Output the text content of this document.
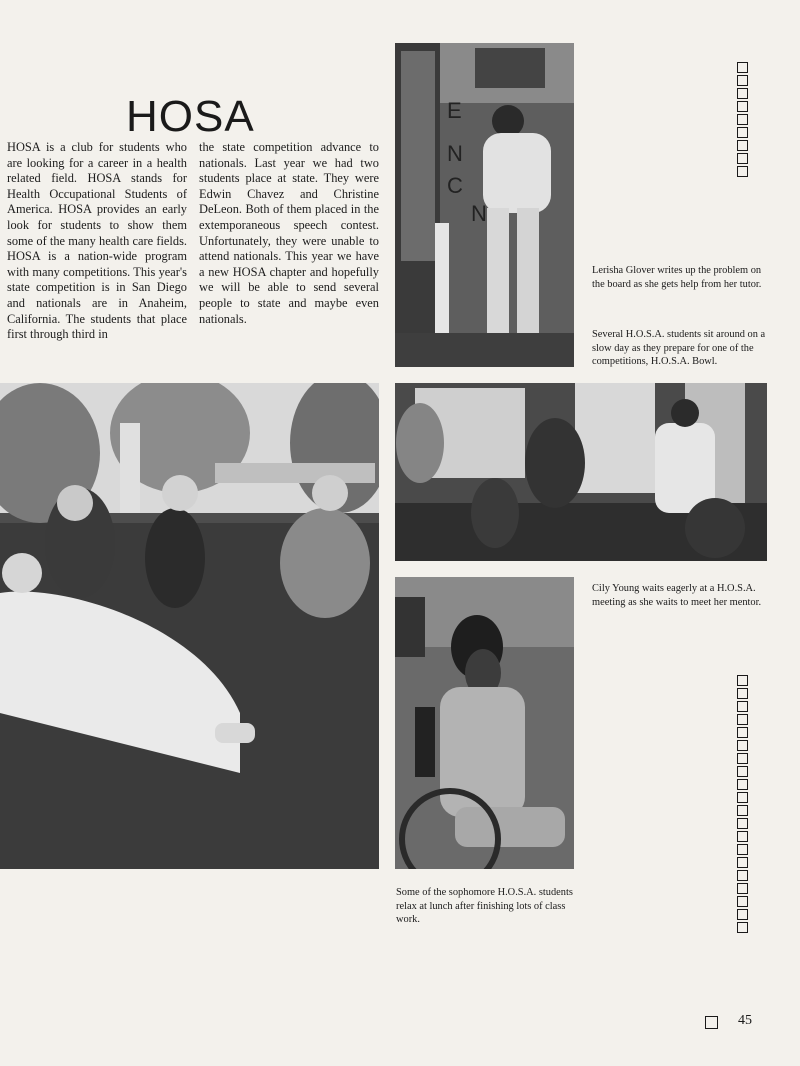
HOSA

HOSA is a club for students who are looking for a career in a health related field. HOSA stands for Health Occupational Students of America. HOSA provides an early look for students to show them some of the many health care fields. HOSA is a nation-wide program with many competitions. This year's state competition is in San Diego and nationals are in Anaheim, California. The students that place first through third in

the state competition advance to nationals. Last year we had two students place at state. They were Edwin Chavez and Christine DeLeon. Both of them placed in the extemporaneous speech contest. Unfortunately, they were unable to attend nationals. This year we have a new HOSA chapter and hopefully we will be able to send several people to state and maybe even nationals.

E
N
C
N

Lerisha Glover writes up the problem on the board as she gets help from her tutor.

Several H.O.S.A. students sit around on a slow day as they prepare for one of the competitions, H.O.S.A. Bowl.

Cily Young waits eagerly at a H.O.S.A. meeting as she waits to meet her mentor.

Some of the sophomore H.O.S.A. students relax at lunch after finishing lots of class work.

45
